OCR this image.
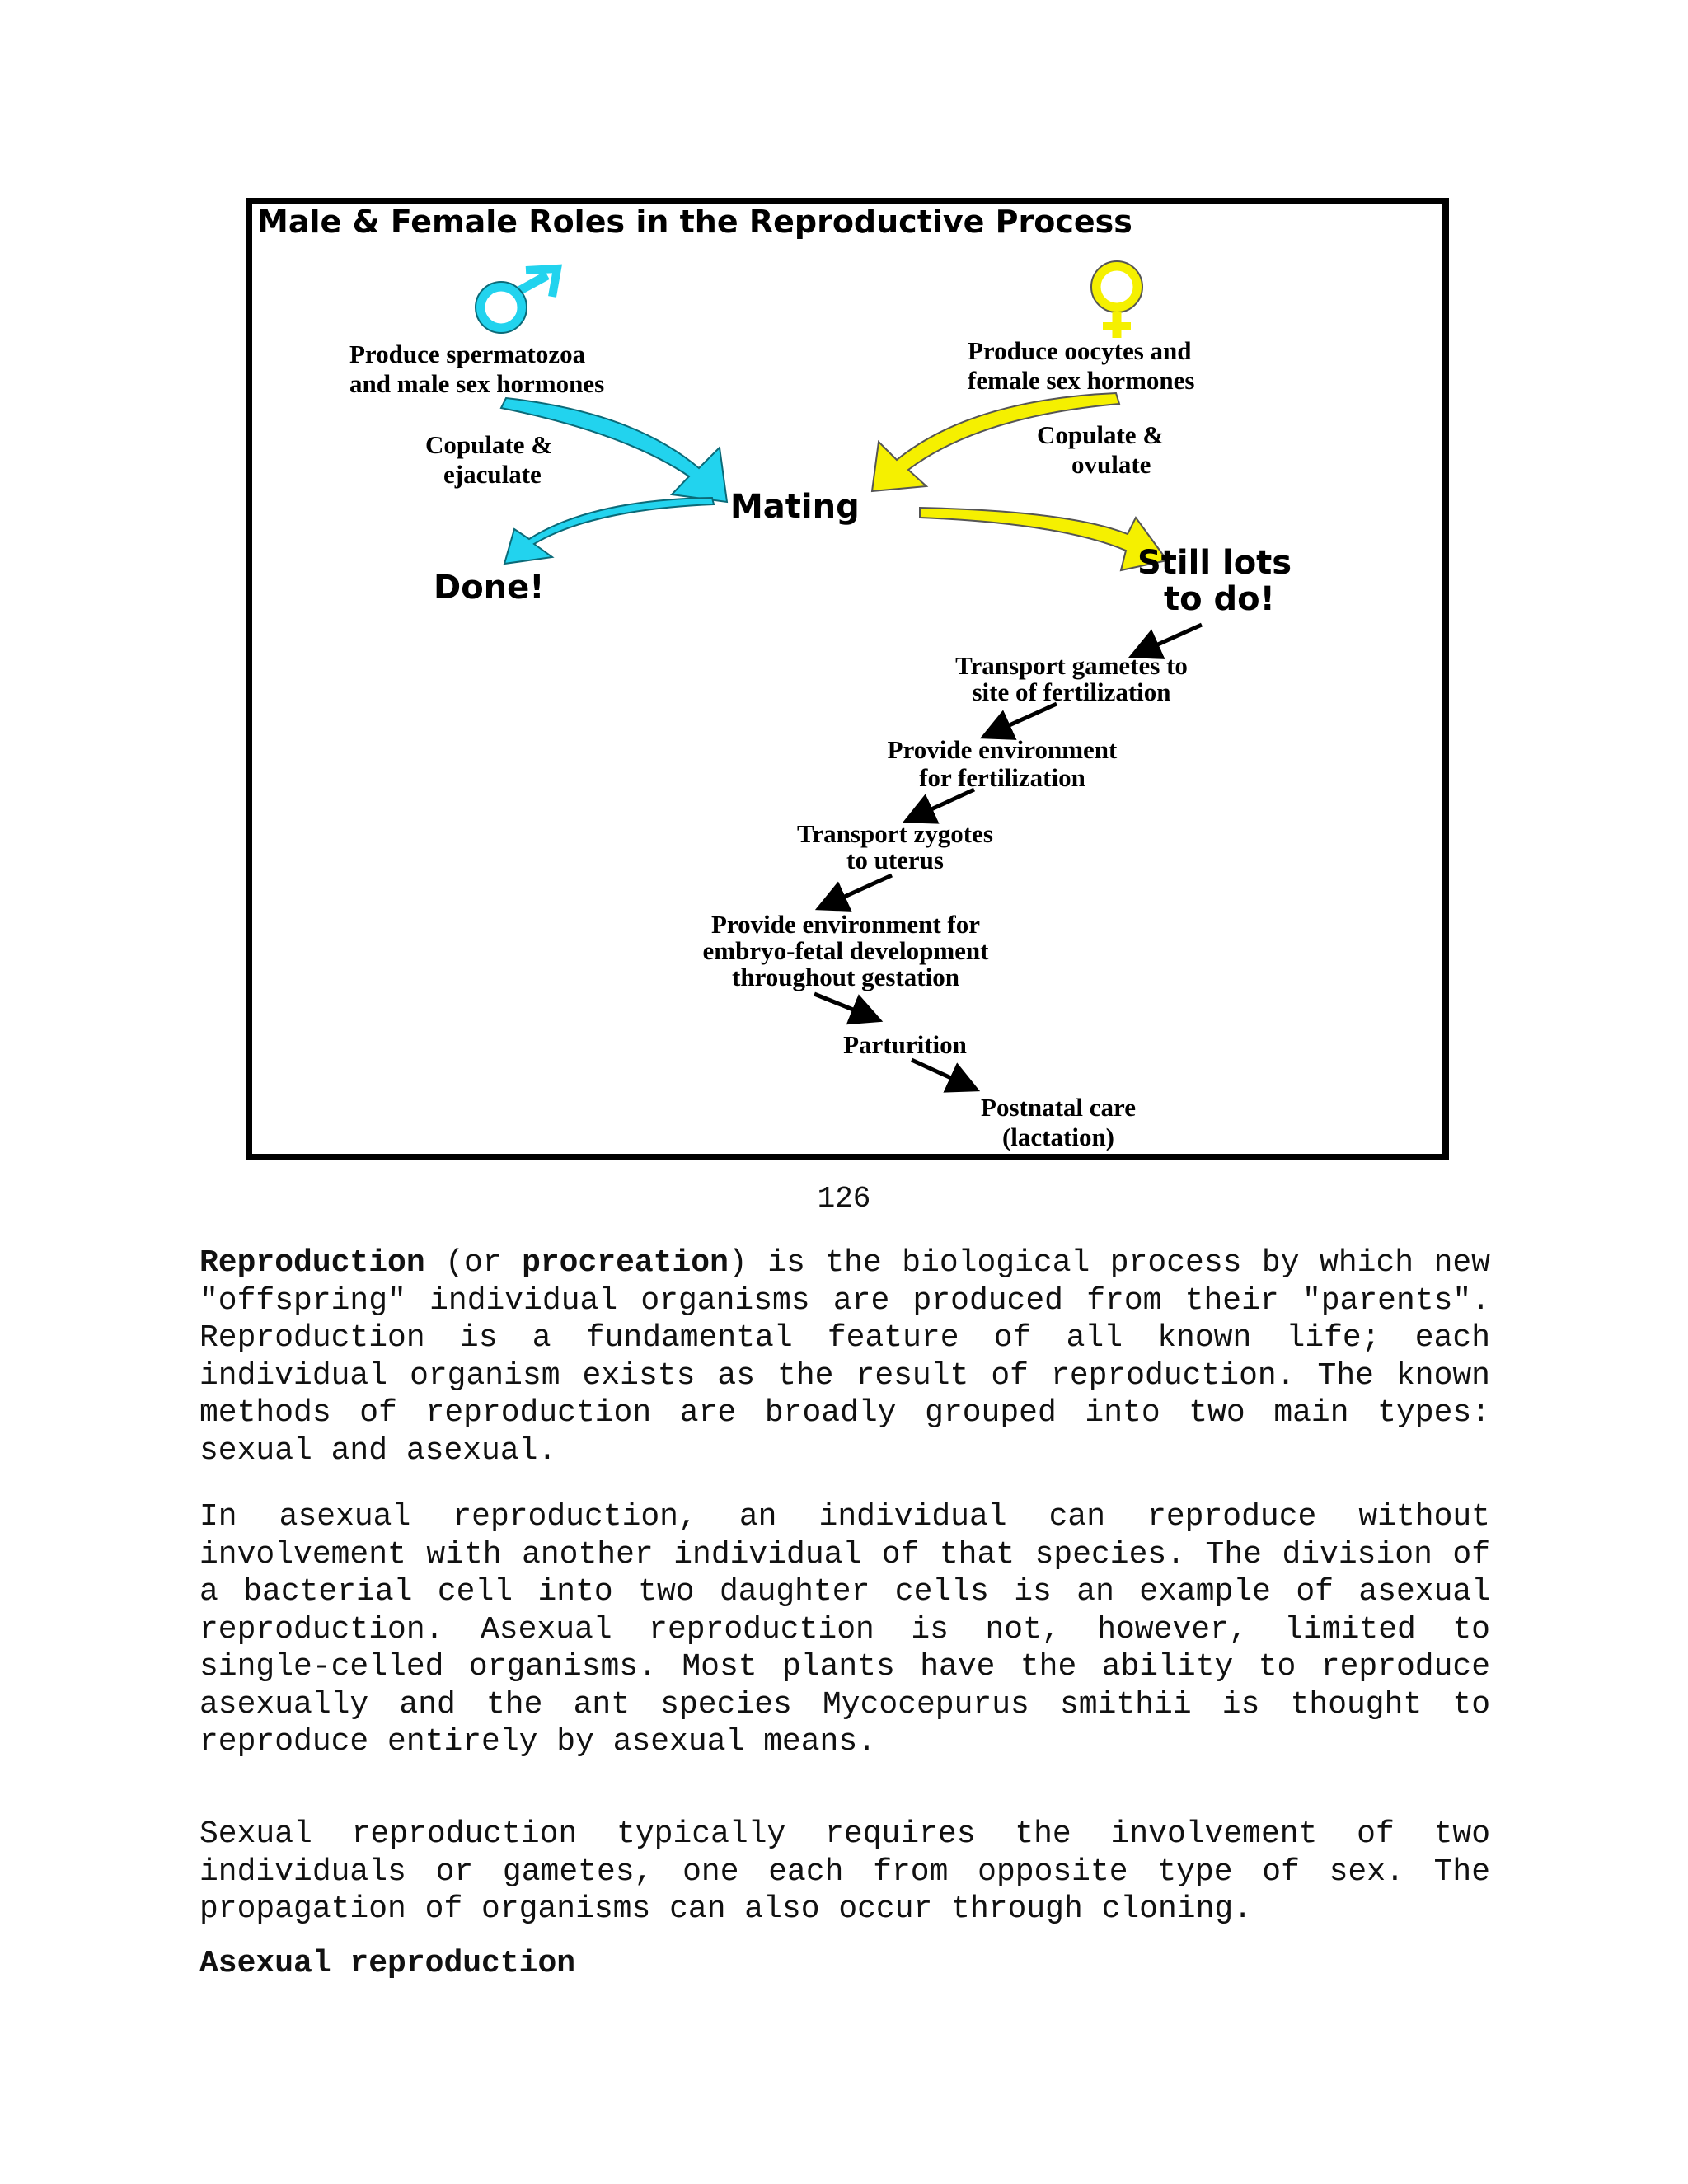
Male & Female Roles in the Reproductive Process
Produce spermatozoa
and male sex hormones
Produce oocytes and
female sex hormones
Copulate &
ejaculate
Copulate &
ovulate
Mating
Done!
Still lots
to do!
Transport gametes to
site of fertilization
Provide environment
for fertilization
Transport zygotes
to uterus
Provide environment for
embryo-fetal development
throughout gestation
Parturition
Postnatal care
(lactation)
126

Reproduction (or procreation) is the biological process by which new "offspring" individual organisms are produced from their "parents". Reproduction is a fundamental feature of all known life; each individual organism exists as the result of reproduction. The known methods of reproduction are broadly grouped into two main types: sexual and asexual.

In asexual reproduction, an individual can reproduce without involvement with another individual of that species. The division of a bacterial cell into two daughter cells is an example of asexual reproduction. Asexual reproduction is not, however, limited to single-celled organisms. Most plants have the ability to reproduce asexually and the ant species Mycocepurus smithii is thought to reproduce entirely by asexual means.

Sexual reproduction typically requires the involvement of two individuals or gametes, one each from opposite type of sex. The propagation of organisms can also occur through cloning.

Asexual reproduction
